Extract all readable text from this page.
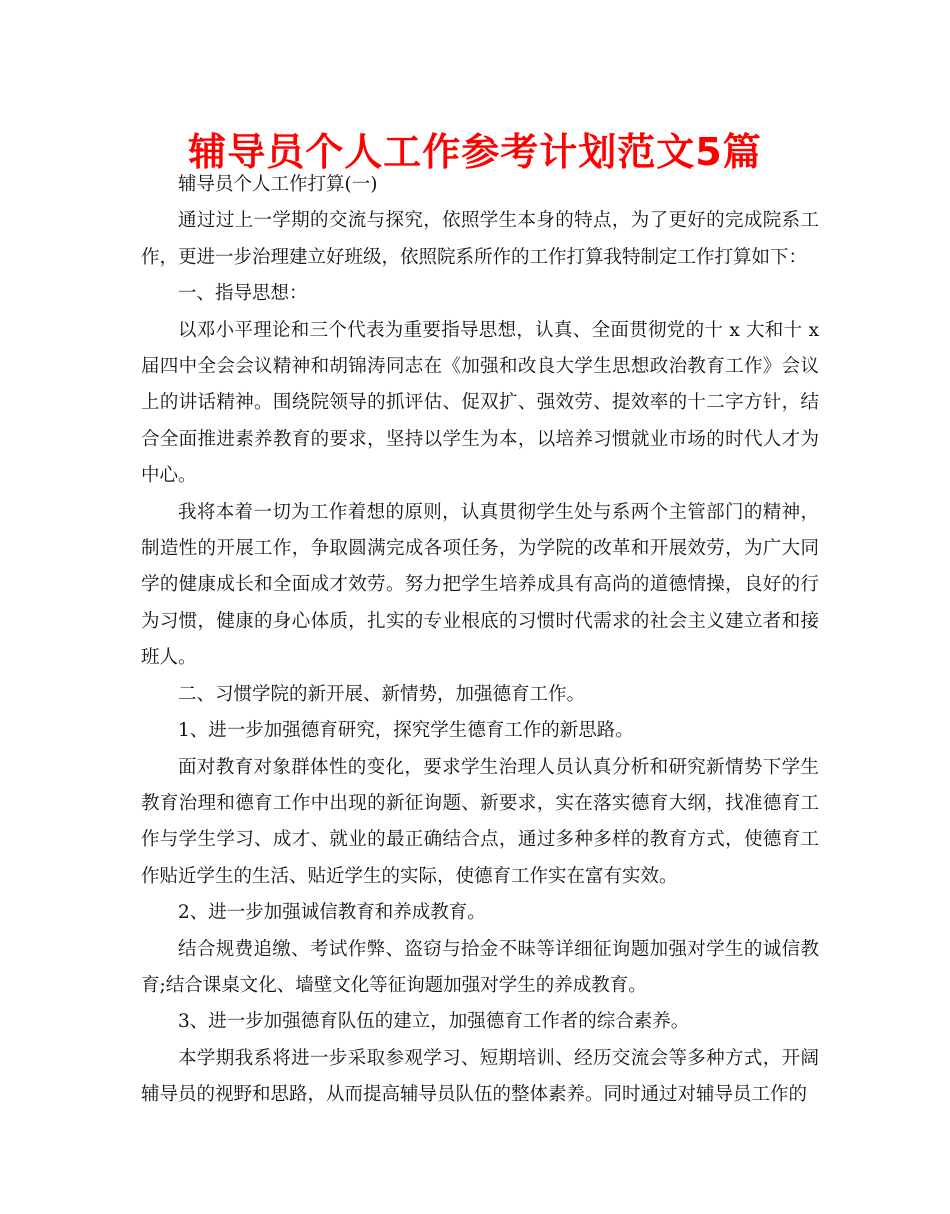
辅导员个人工作参考计划范文5篇

辅导员个人工作打算(一)

通过过上一学期的交流与探究，依照学生本身的特点，为了更好的完成院系工作，更进一步治理建立好班级，依照院系所作的工作打算我特制定工作打算如下：

一、指导思想：

以邓小平理论和三个代表为重要指导思想，认真、全面贯彻党的十 x 大和十 x 届四中全会会议精神和胡锦涛同志在《加强和改良大学生思想政治教育工作》会议上的讲话精神。围绕院领导的抓评估、促双扩、强效劳、提效率的十二字方针，结合全面推进素养教育的要求，坚持以学生为本，以培养习惯就业市场的时代人才为中心。

我将本着一切为工作着想的原则，认真贯彻学生处与系两个主管部门的精神，制造性的开展工作，争取圆满完成各项任务，为学院的改革和开展效劳，为广大同学的健康成长和全面成才效劳。努力把学生培养成具有高尚的道德情操，良好的行为习惯，健康的身心体质，扎实的专业根底的习惯时代需求的社会主义建立者和接班人。

二、习惯学院的新开展、新情势，加强德育工作。

1、进一步加强德育研究，探究学生德育工作的新思路。

面对教育对象群体性的变化，要求学生治理人员认真分析和研究新情势下学生教育治理和德育工作中出现的新征询题、新要求，实在落实德育大纲，找准德育工作与学生学习、成才、就业的最正确结合点，通过多种多样的教育方式，使德育工作贴近学生的生活、贴近学生的实际，使德育工作实在富有实效。

2、进一步加强诚信教育和养成教育。

结合规费追缴、考试作弊、盗窃与拾金不昧等详细征询题加强对学生的诚信教育;结合课桌文化、墙壁文化等征询题加强对学生的养成教育。

3、进一步加强德育队伍的建立，加强德育工作者的综合素养。

本学期我系将进一步采取参观学习、短期培训、经历交流会等多种方式，开阔辅导员的视野和思路，从而提高辅导员队伍的整体素养。同时通过对辅导员工作的
